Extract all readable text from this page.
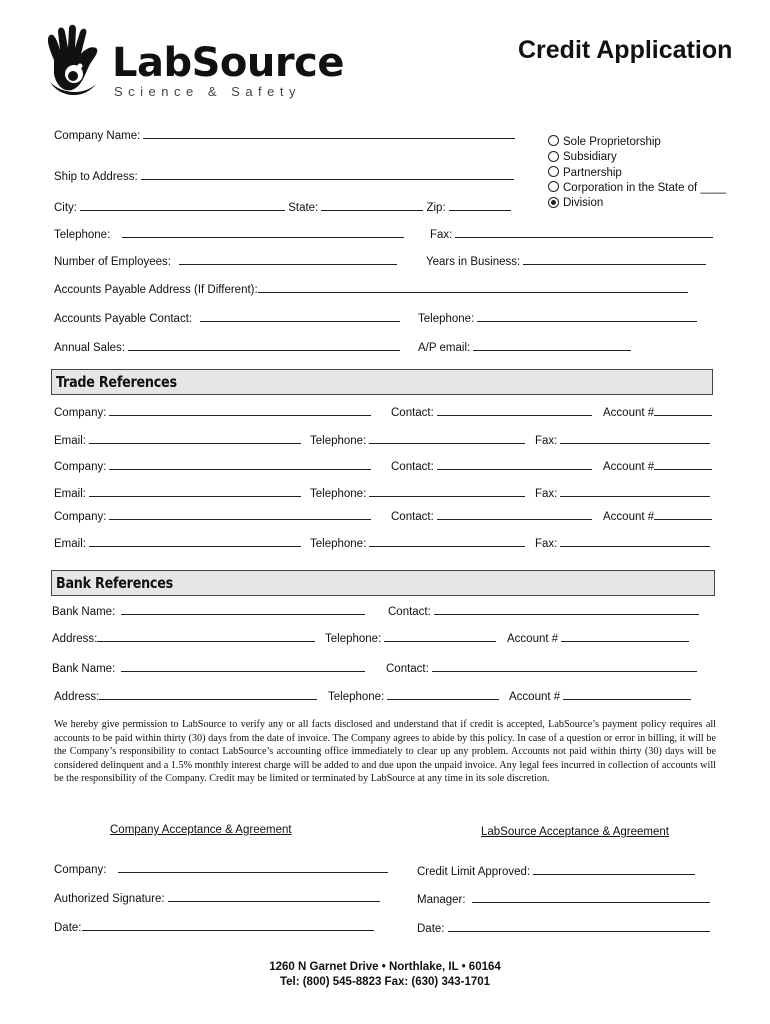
LabSource
Science & Safety
Credit Application
Company Name:
Ship to Address:
City:	State:	Zip:
Sole Proprietorship
Subsidiary
Partnership
Corporation in the State of ____
Division
Telephone:	Fax:
Number of Employees:	Years in Business:
Accounts Payable Address (If Different):
Accounts Payable Contact:	Telephone:
Annual Sales:	A/P email:
Trade References
Company:	Contact:	Account #
Email:	Telephone:	Fax:
Company:	Contact:	Account #
Email:	Telephone:	Fax:
Company:	Contact:	Account #
Email:	Telephone:	Fax:
Bank References
Bank Name:	Contact:
Address:	Telephone:	Account #
Bank Name:	Contact:
Address:	Telephone:	Account #
We hereby give permission to LabSource to verify any or all facts disclosed and understand that if credit is accepted, LabSource’s payment policy requires all accounts to be paid within thirty (30) days from the date of invoice. The Company agrees to abide by this policy. In case of a question or error in billing, it will be the Company’s responsibility to contact LabSource’s accounting office immediately to clear up any problem. Accounts not paid within thirty (30) days will be considered delinquent and a 1.5% monthly interest charge will be added to and due upon the unpaid invoice. Any legal fees incurred in collection of accounts will be the responsibility of the Company. Credit may be limited or terminated by LabSource at any time in its sole discretion.
Company Acceptance & Agreement	LabSource Acceptance & Agreement
Company:	Credit Limit Approved:
Authorized Signature:	Manager:
Date:	Date:
1260 N Garnet Drive • Northlake, IL • 60164
Tel: (800) 545-8823 Fax: (630) 343-1701
